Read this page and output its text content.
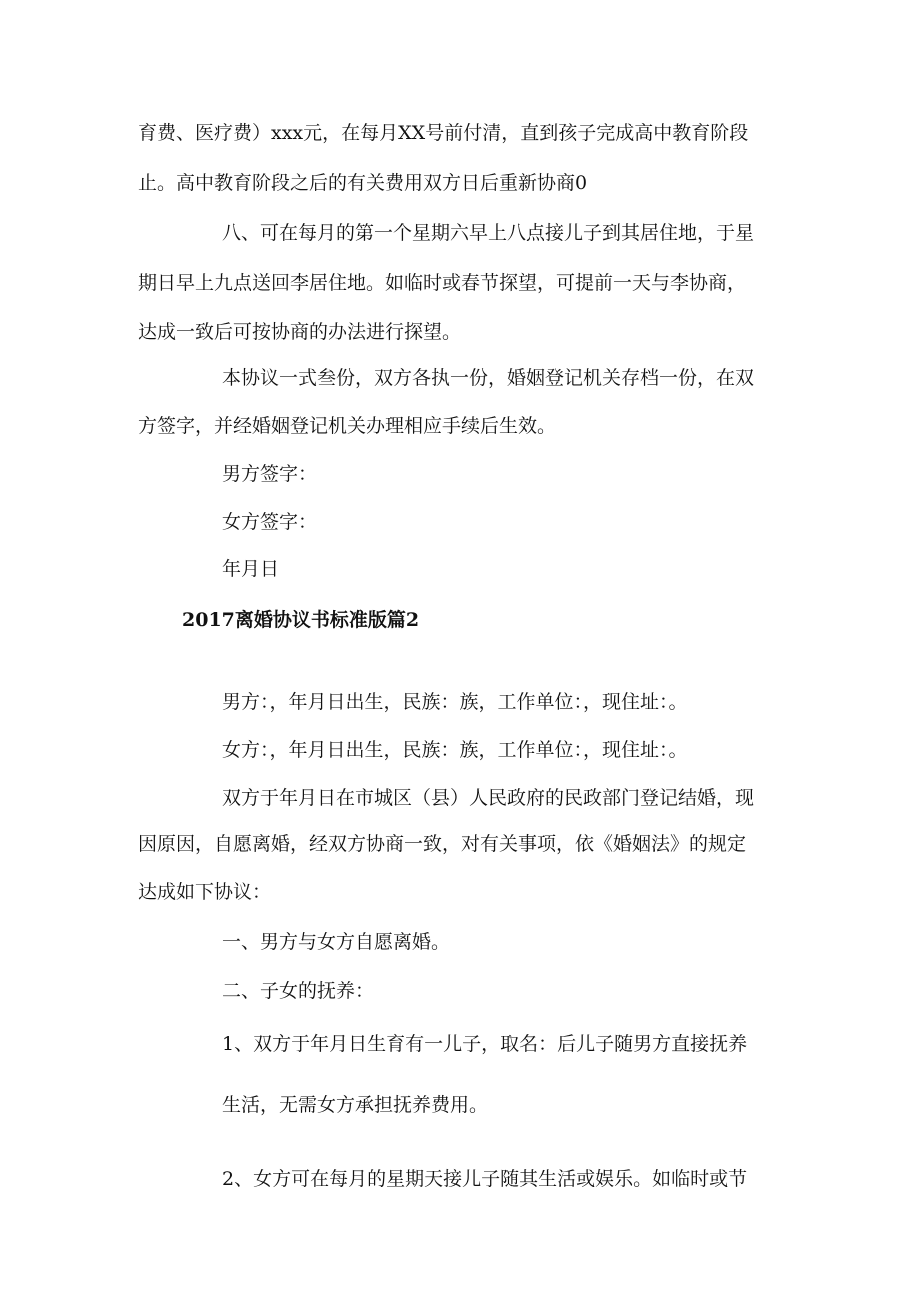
育费、医疗费）xxx元，在每月XX号前付清，直到孩子完成高中教育阶段
止。高中教育阶段之后的有关费用双方日后重新协商0
八、可在每月的第一个星期六早上八点接儿子到其居住地，于星
期日早上九点送回李居住地。如临时或春节探望，可提前一天与李协商，
达成一致后可按协商的办法进行探望。
本协议一式叁份，双方各执一份，婚姻登记机关存档一份，在双
方签字，并经婚姻登记机关办理相应手续后生效。
男方签字：
女方签字：
年月日
2017离婚协议书标准版篇2
男方：，年月日出生，民族：族，工作单位：，现住址：。
女方：，年月日出生，民族：族，工作单位：，现住址：。
双方于年月日在市城区（县）人民政府的民政部门登记结婚，现
因原因，自愿离婚，经双方协商一致，对有关事项，依《婚姻法》的规定
达成如下协议：
一、男方与女方自愿离婚。
二、子女的抚养：
1、双方于年月日生育有一儿子，取名：后儿子随男方直接抚养
生活，无需女方承担抚养费用。
2、女方可在每月的星期天接儿子随其生活或娱乐。如临时或节
